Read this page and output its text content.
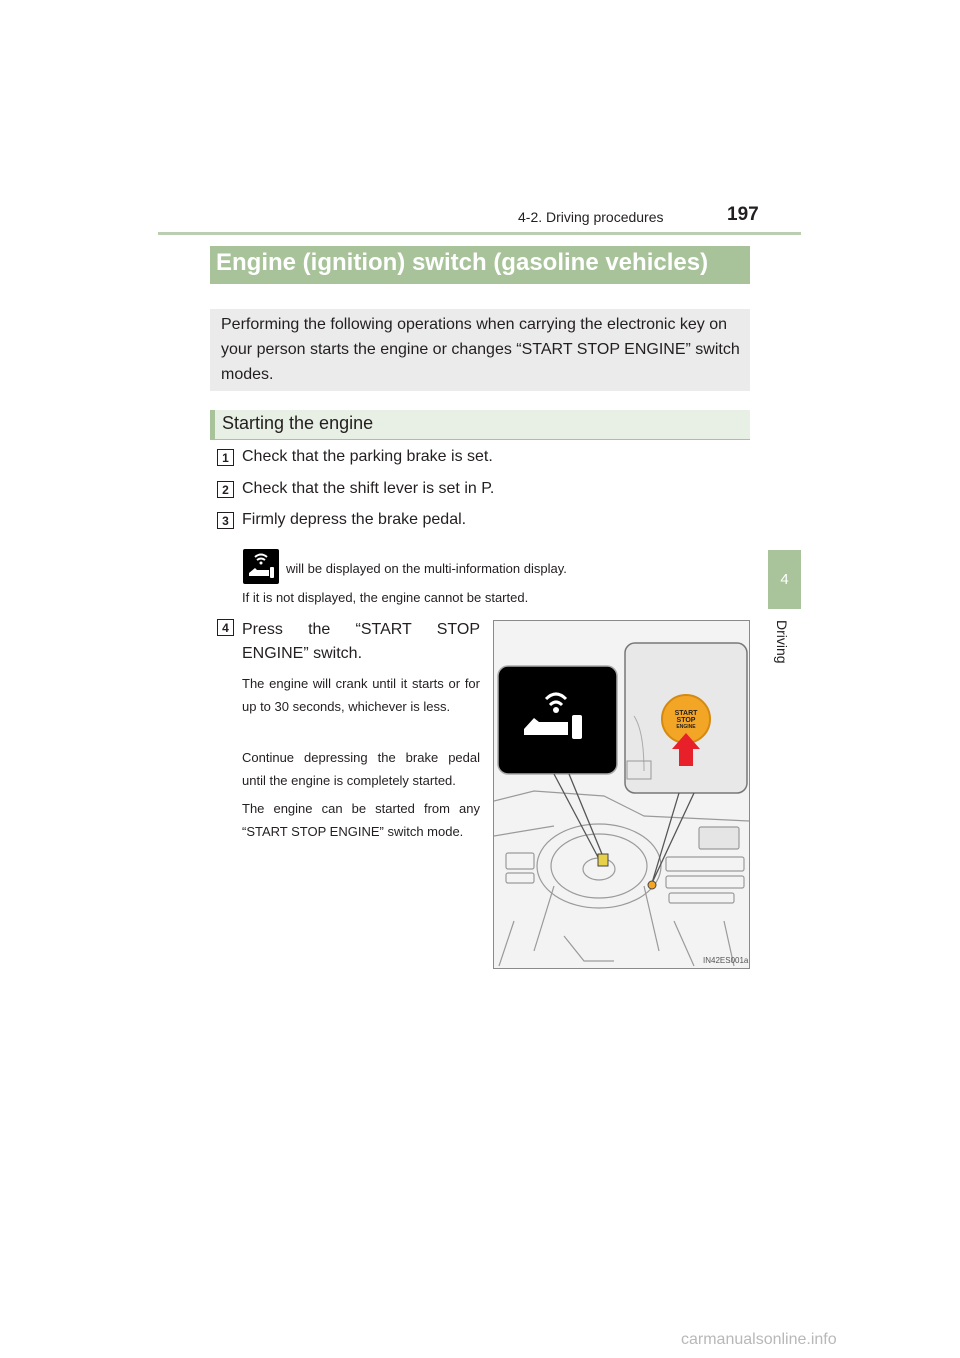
4-2. Driving procedures	197
4
Driving
Engine (ignition) switch (gasoline vehicles)
Performing the following operations when carrying the electronic key on your person starts the engine or changes “START STOP ENGINE” switch modes.
Starting the engine
1 Check that the parking brake is set.
2 Check that the shift lever is set in P.
3 Firmly depress the brake pedal.
will be displayed on the multi-information display.
If it is not displayed, the engine cannot be started.
4 Press the “START STOP ENGINE” switch.
The engine will crank until it starts or for up to 30 seconds, whichever is less.
Continue depressing the brake pedal until the engine is completely started.
The engine can be started from any “START STOP ENGINE” switch mode.
START
STOP
ENGINE
IN42ES001a
carmanualsonline.info
